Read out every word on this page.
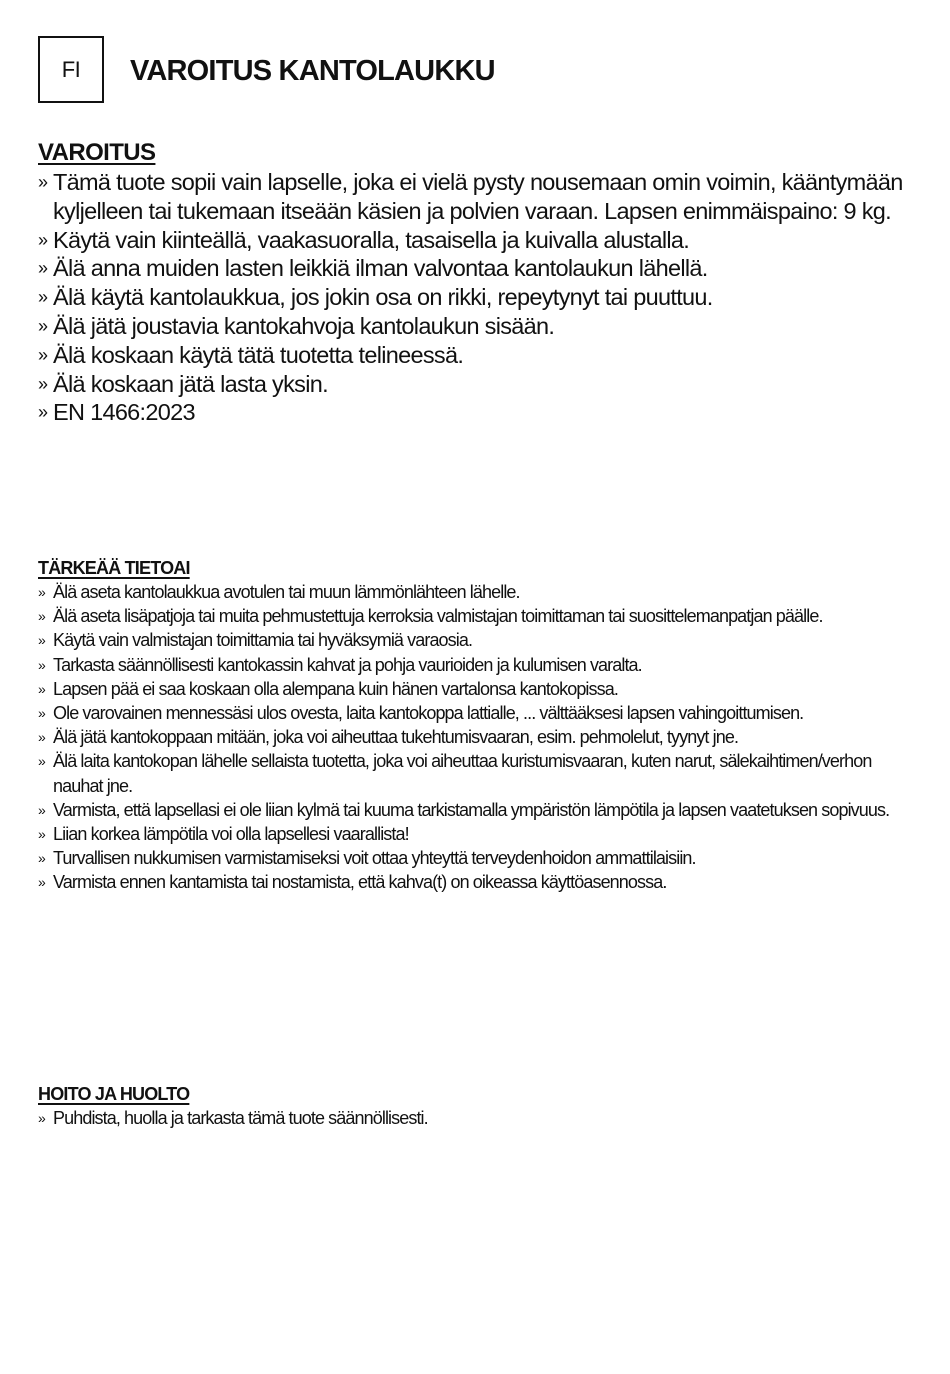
FI VAROITUS KANTOLAUKKU
VAROITUS
» Tämä tuote sopii vain lapselle, joka ei vielä pysty nousemaan omin voimin, kääntymään kyljelleen tai tukemaan itseään käsien ja polvien varaan. Lapsen enimmäispaino: 9 kg.
» Käytä vain kiinteällä, vaakasuoralla, tasaisella ja kuivalla alustalla.
» Älä anna muiden lasten leikkiä ilman valvontaa kantolaukun lähellä.
» Älä käytä kantolaukkua, jos jokin osa on rikki, repeytynyt tai puuttuu.
» Älä jätä joustavia kantokahvoja kantolaukun sisään.
» Älä koskaan käytä tätä tuotetta telineessä.
» Älä koskaan jätä lasta yksin.
» EN 1466:2023
TÄRKEÄÄ TIETOAI
» Älä aseta kantolaukkua avotulen tai muun lämmönlähteen lähelle.
» Älä aseta lisäpatjoja tai muita pehmustettuja kerroksia valmistajan toimittaman tai suosittelemanpatjan päälle.
» Käytä vain valmistajan toimittamia tai hyväksymiä varaosia.
» Tarkasta säännöllisesti kantokassin kahvat ja pohja vaurioiden ja kulumisen varalta.
» Lapsen pää ei saa koskaan olla alempana kuin hänen vartalonsa kantokopissa.
» Ole varovainen mennessäsi ulos ovesta, laita kantokoppa lattialle, ... välttääksesi lapsen vahingoittumisen.
» Älä jätä kantokoppaan mitään, joka voi aiheuttaa tukehtumisvaaran, esim. pehmolelut, tyynyt jne.
» Älä laita kantokopan lähelle sellaista tuotetta, joka voi aiheuttaa kuristumisvaaran, kuten narut, sälekaihtimen/verhon nauhat jne.
» Varmista, että lapsellasi ei ole liian kylmä tai kuuma tarkistamalla ympäristön lämpötila ja lapsen vaatetuksen sopivuus.
» Liian korkea lämpötila voi olla lapsellesi vaarallista!
» Turvallisen nukkumisen varmistamiseksi voit ottaa yhteyttä terveydenhoidon ammattilaisiin.
» Varmista ennen kantamista tai nostamista, että kahva(t) on oikeassa käyttöasennossa.
HOITO JA HUOLTO
» Puhdista, huolla ja tarkasta tämä tuote säännöllisesti.
